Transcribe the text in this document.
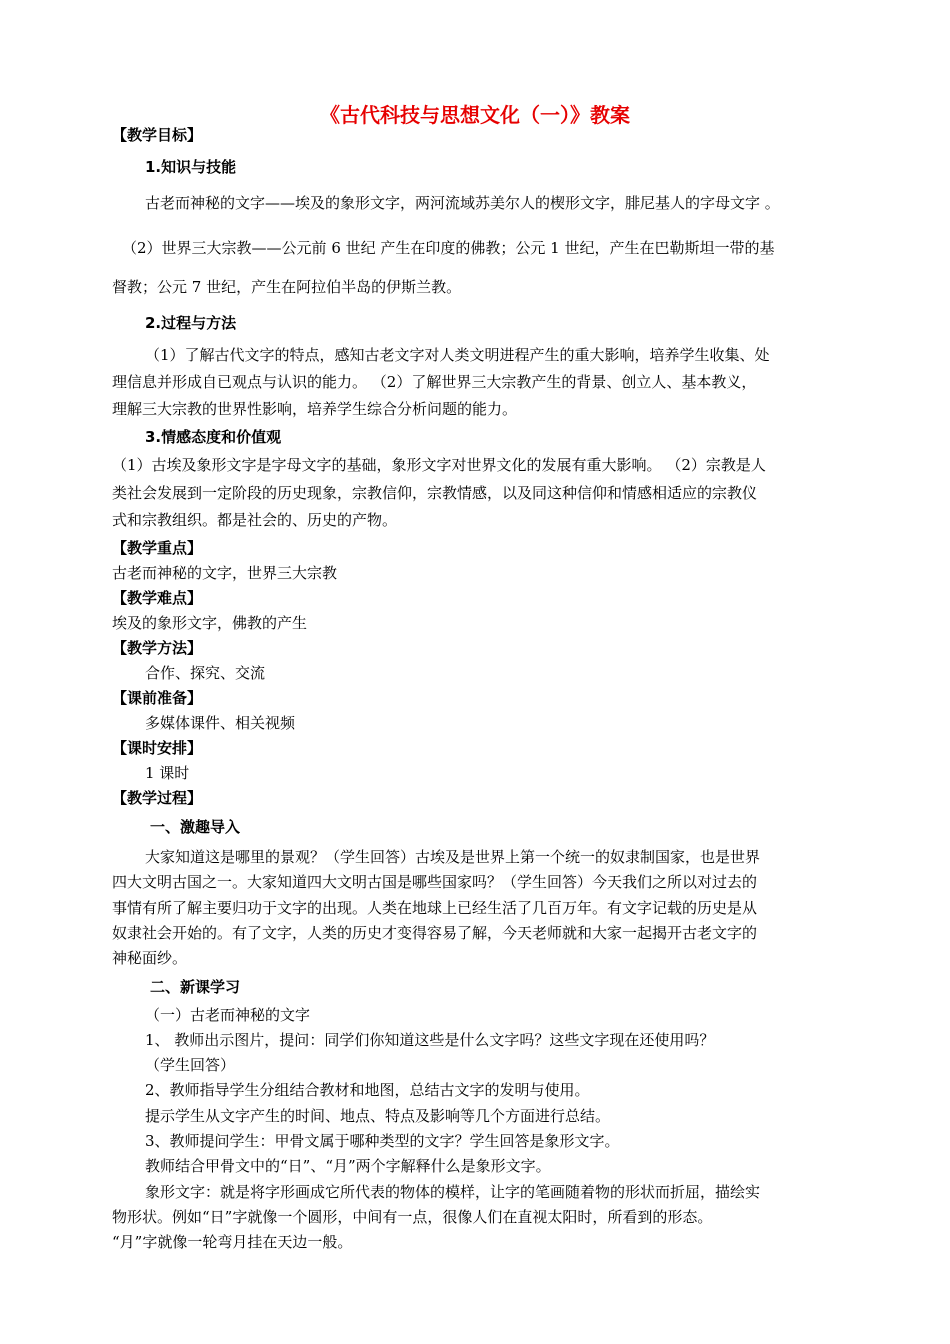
《古代科技与思想文化（一）》教案
【教学目标】
1.知识与技能
古老而神秘的文字——埃及的象形文字，两河流域苏美尔人的楔形文字，腓尼基人的字母文字 。
（2）世界三大宗教——公元前 6 世纪 产生在印度的佛教；公元 1 世纪，产生在巴勒斯坦一带的基
督教；公元 7 世纪，产生在阿拉伯半岛的伊斯兰教。
2.过程与方法
（1）了解古代文字的特点，感知古老文字对人类文明进程产生的重大影响，培养学生收集、处
理信息并形成自已观点与认识的能力。 （2）了解世界三大宗教产生的背景、创立人、基本教义，
理解三大宗教的世界性影响，培养学生综合分析问题的能力。
3.情感态度和价值观
（1）古埃及象形文字是字母文字的基础，象形文字对世界文化的发展有重大影响。 （2）宗教是人
类社会发展到一定阶段的历史现象，宗教信仰，宗教情感，以及同这种信仰和情感相适应的宗教仪
式和宗教组织。都是社会的、历史的产物。
【教学重点】
古老而神秘的文字，世界三大宗教
【教学难点】
埃及的象形文字，佛教的产生
【教学方法】
合作、探究、交流
【课前准备】
多媒体课件、相关视频
【课时安排】
1 课时
【教学过程】
一、激趣导入
大家知道这是哪里的景观？（学生回答）古埃及是世界上第一个统一的奴隶制国家，也是世界
四大文明古国之一。大家知道四大文明古国是哪些国家吗？（学生回答）今天我们之所以对过去的
事情有所了解主要归功于文字的出现。人类在地球上已经生活了几百万年。有文字记载的历史是从
奴隶社会开始的。有了文字，人类的历史才变得容易了解，今天老师就和大家一起揭开古老文字的
神秘面纱。
二、新课学习
（一）古老而神秘的文字
1、 教师出示图片，提问：同学们你知道这些是什么文字吗？这些文字现在还使用吗？
（学生回答）
2、教师指导学生分组结合教材和地图，总结古文字的发明与使用。
提示学生从文字产生的时间、地点、特点及影响等几个方面进行总结。
3、教师提问学生：甲骨文属于哪种类型的文字？学生回答是象形文字。
教师结合甲骨文中的“日”、“月”两个字解释什么是象形文字。
象形文字：就是将字形画成它所代表的物体的模样，让字的笔画随着物的形状而折屈，描绘实
物形状。例如“日”字就像一个圆形，中间有一点，很像人们在直视太阳时，所看到的形态。
“月”字就像一轮弯月挂在天边一般。
